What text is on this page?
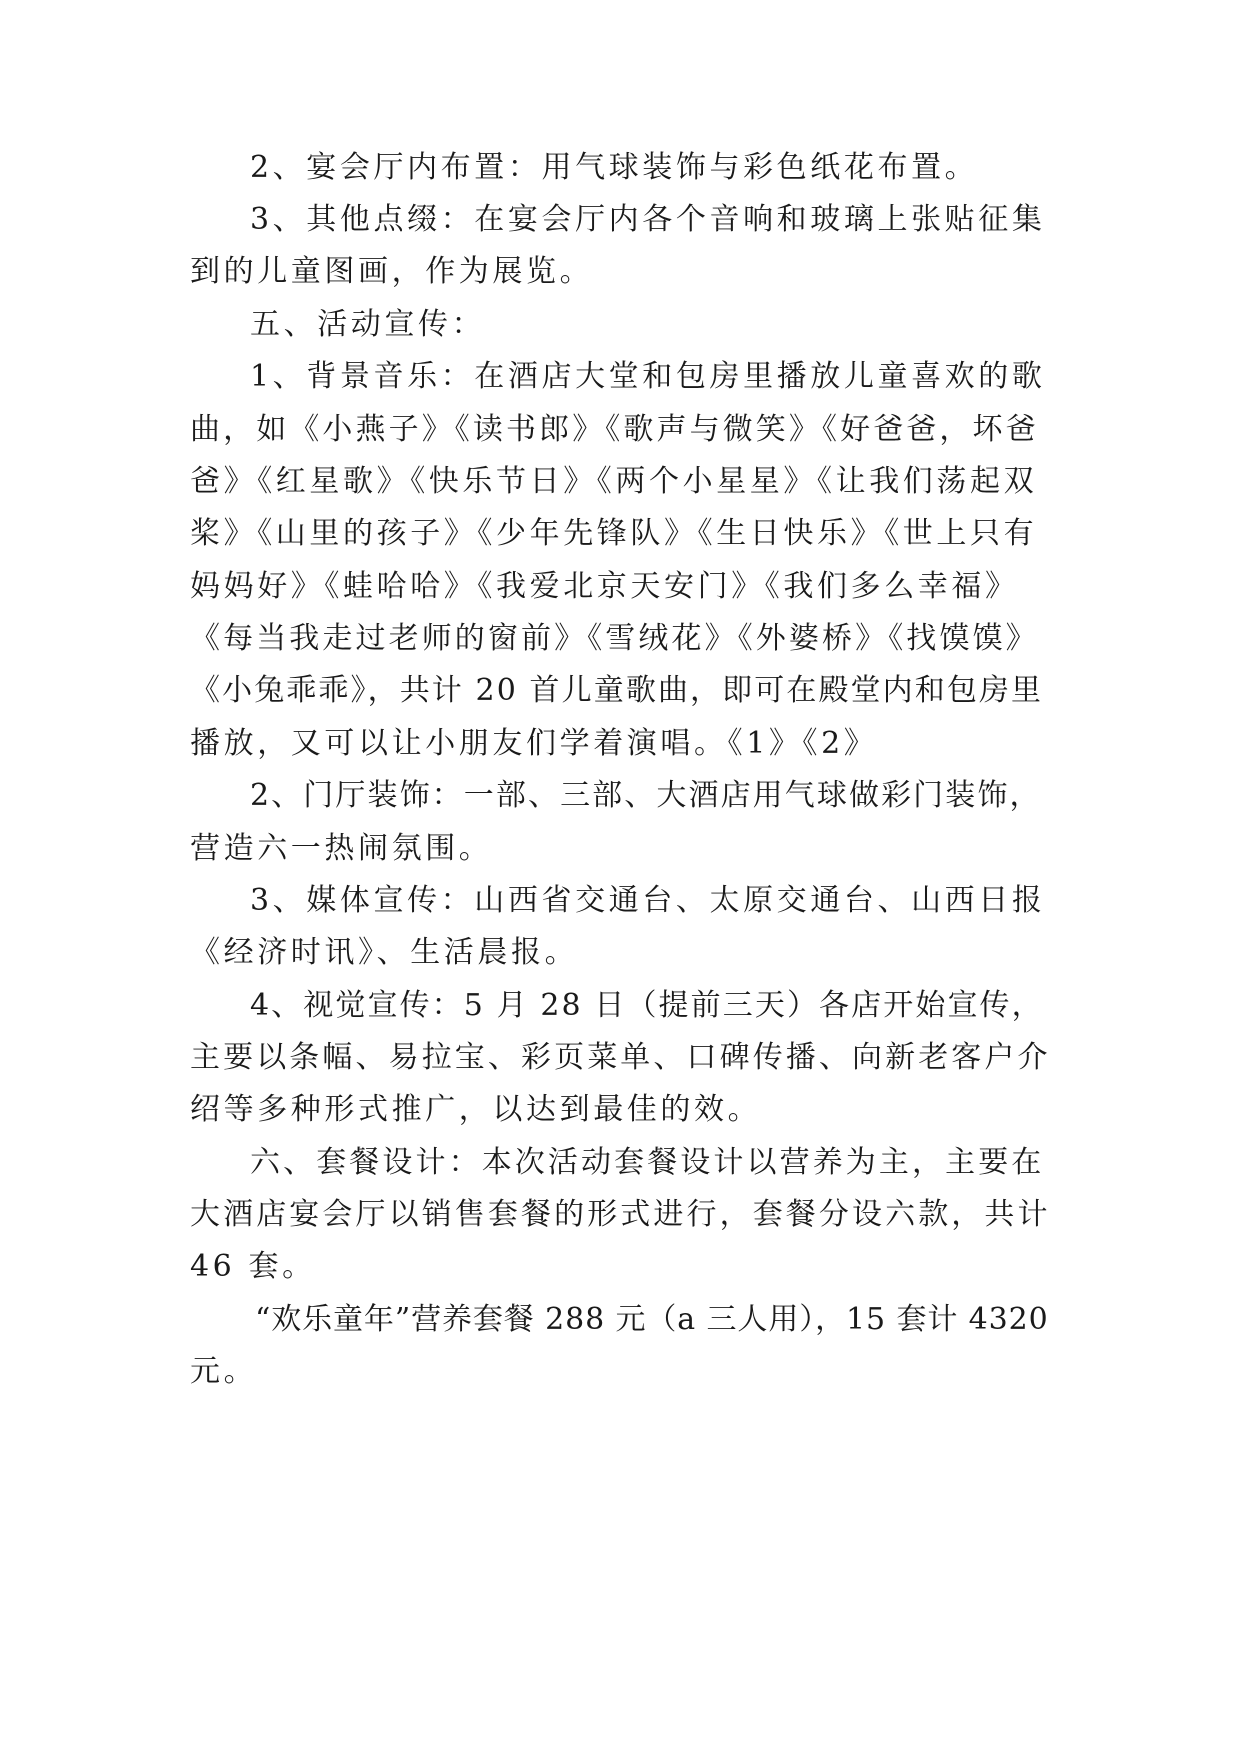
2、宴会厅内布置：用气球装饰与彩色纸花布置。
3、其他点缀：在宴会厅内各个音响和玻璃上张贴征集
到的儿童图画，作为展览。
五、活动宣传：
1、背景音乐：在酒店大堂和包房里播放儿童喜欢的歌
曲，如《小燕子》《读书郎》《歌声与微笑》《好爸爸，坏爸
爸》《红星歌》《快乐节日》《两个小星星》《让我们荡起双
桨》《山里的孩子》《少年先锋队》《生日快乐》《世上只有
妈妈好》《蛙哈哈》《我爱北京天安门》《我们多么幸福》
《每当我走过老师的窗前》《雪绒花》《外婆桥》《找馍馍》
《小兔乖乖》，共计 20 首儿童歌曲，即可在殿堂内和包房里
播放，又可以让小朋友们学着演唱。《1》《2》
2、门厅装饰：一部、三部、大酒店用气球做彩门装饰，
营造六一热闹氛围。
3、媒体宣传：山西省交通台、太原交通台、山西日报
《经济时讯》、生活晨报。
4、视觉宣传：5 月 28 日（提前三天）各店开始宣传，
主要以条幅、易拉宝、彩页菜单、口碑传播、向新老客户介
绍等多种形式推广，以达到最佳的效。
六、套餐设计：本次活动套餐设计以营养为主，主要在
大酒店宴会厅以销售套餐的形式进行，套餐分设六款，共计
46 套。
“欢乐童年”营养套餐 288 元（a 三人用），15 套计 4320
元。
